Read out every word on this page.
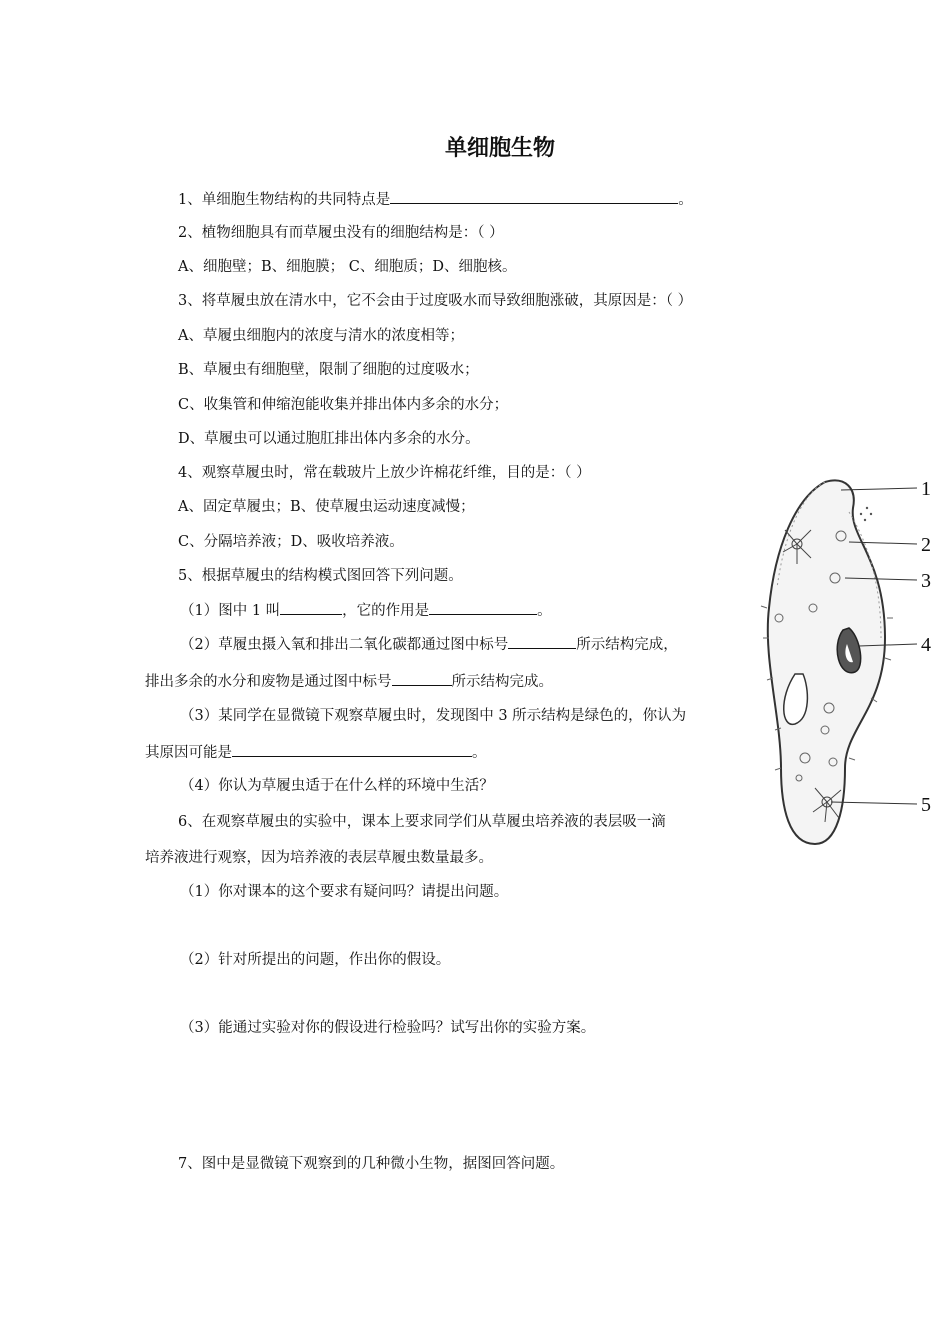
单细胞生物
1、单细胞生物结构的共同特点是	。
2、植物细胞具有而草履虫没有的细胞结构是：（ ）
A、细胞壁；B、细胞膜； C、细胞质；D、细胞核。
3、将草履虫放在清水中，它不会由于过度吸水而导致细胞涨破，其原因是：（ ）
A、草履虫细胞内的浓度与清水的浓度相等；
B、草履虫有细胞壁，限制了细胞的过度吸水；
C、收集管和伸缩泡能收集并排出体内多余的水分；
D、草履虫可以通过胞肛排出体内多余的水分。
4、观察草履虫时，常在载玻片上放少许棉花纤维，目的是：（ ）
A、固定草履虫；B、使草履虫运动速度减慢；
C、分隔培养液；D、吸收培养液。
5、根据草履虫的结构模式图回答下列问题。
（1）图中 1 叫	，它的作用是	。
（2）草履虫摄入氧和排出二氧化碳都通过图中标号	所示结构完成，
排出多余的水分和废物是通过图中标号	所示结构完成。
（3）某同学在显微镜下观察草履虫时，发现图中 3 所示结构是绿色的，你认为
其原因可能是	。
（4）你认为草履虫适于在什么样的环境中生活？
6、在观察草履虫的实验中，课本上要求同学们从草履虫培养液的表层吸一滴
培养液进行观察，因为培养液的表层草履虫数量最多。
（1）你对课本的这个要求有疑问吗？请提出问题。
（2）针对所提出的问题，作出你的假设。
（3）能通过实验对你的假设进行检验吗？试写出你的实验方案。
7、图中是显微镜下观察到的几种微小生物，据图回答问题。
1
2
3
4
5
